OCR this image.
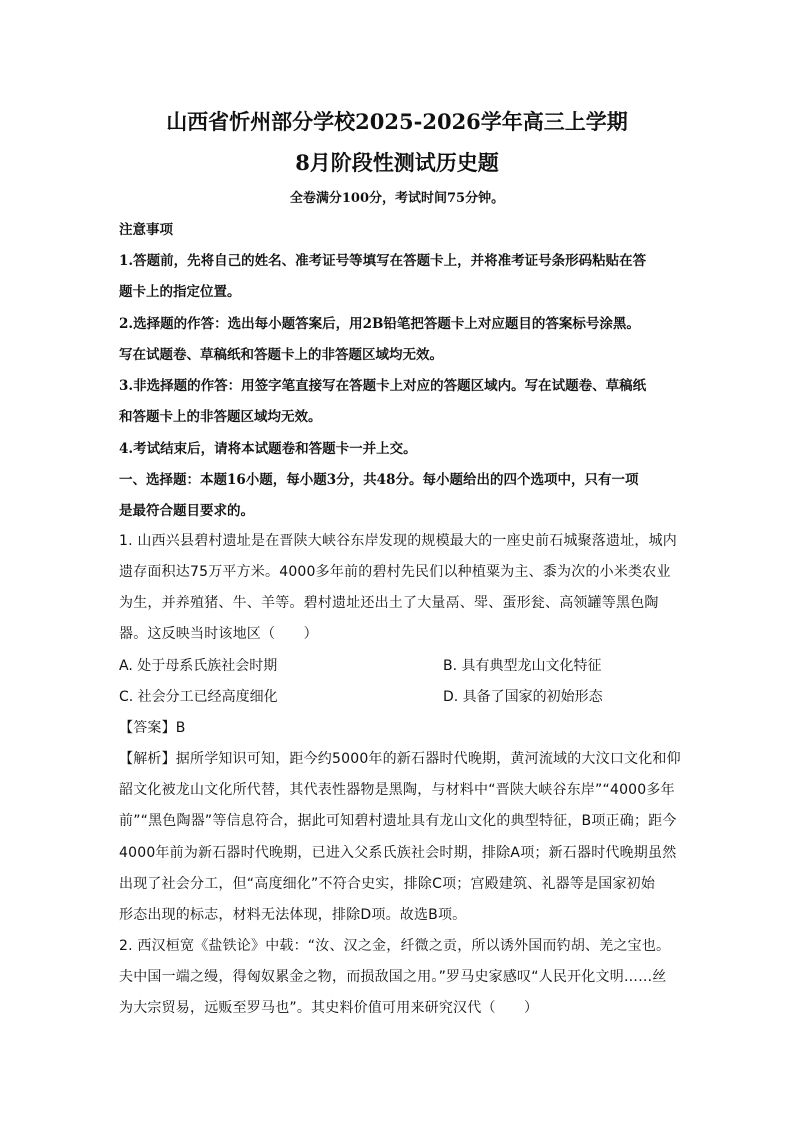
山西省忻州部分学校2025-2026学年高三上学期
8月阶段性测试历史题
全卷满分100分，考试时间75分钟。
注意事项
1.答题前，先将自己的姓名、准考证号等填写在答题卡上，并将准考证号条形码粘贴在答
题卡上的指定位置。
2.选择题的作答：选出每小题答案后，用2B铅笔把答题卡上对应题目的答案标号涂黑。
写在试题卷、草稿纸和答题卡上的非答题区域均无效。
3.非选择题的作答：用签字笔直接写在答题卡上对应的答题区域内。写在试题卷、草稿纸
和答题卡上的非答题区域均无效。
4.考试结束后，请将本试题卷和答题卡一并上交。
一、选择题：本题16小题，每小题3分，共48分。每小题给出的四个选项中，只有一项
是最符合题目要求的。
1. 山西兴县碧村遗址是在晋陕大峡谷东岸发现的规模最大的一座史前石城聚落遗址，城内
遗存面积达75万平方米。4000多年前的碧村先民们以种植粟为主、黍为次的小米类农业
为生，并养殖猪、牛、羊等。碧村遗址还出土了大量鬲、斝、蛋形瓮、高领罐等黑色陶
器。这反映当时该地区（　　）
A. 处于母系氏族社会时期	B. 具有典型龙山文化特征
C. 社会分工已经高度细化	D. 具备了国家的初始形态
【答案】B
【解析】据所学知识可知，距今约5000年的新石器时代晚期，黄河流域的大汶口文化和仰
韶文化被龙山文化所代替，其代表性器物是黑陶，与材料中“晋陕大峡谷东岸”“4000多年
前”“黑色陶器”等信息符合，据此可知碧村遗址具有龙山文化的典型特征，B项正确；距今
4000年前为新石器时代晚期，已进入父系氏族社会时期，排除A项；新石器时代晚期虽然
出现了社会分工，但“高度细化”不符合史实，排除C项；宫殿建筑、礼器等是国家初始
形态出现的标志，材料无法体现，排除D项。故选B项。
2. 西汉桓宽《盐铁论》中载：“汝、汉之金，纤微之贡，所以诱外国而钓胡、羌之宝也。
夫中国一端之缦，得匈奴累金之物，而损敌国之用。”罗马史家感叹“人民开化文明……丝
为大宗贸易，远贩至罗马也”。其史料价值可用来研究汉代（　　）
